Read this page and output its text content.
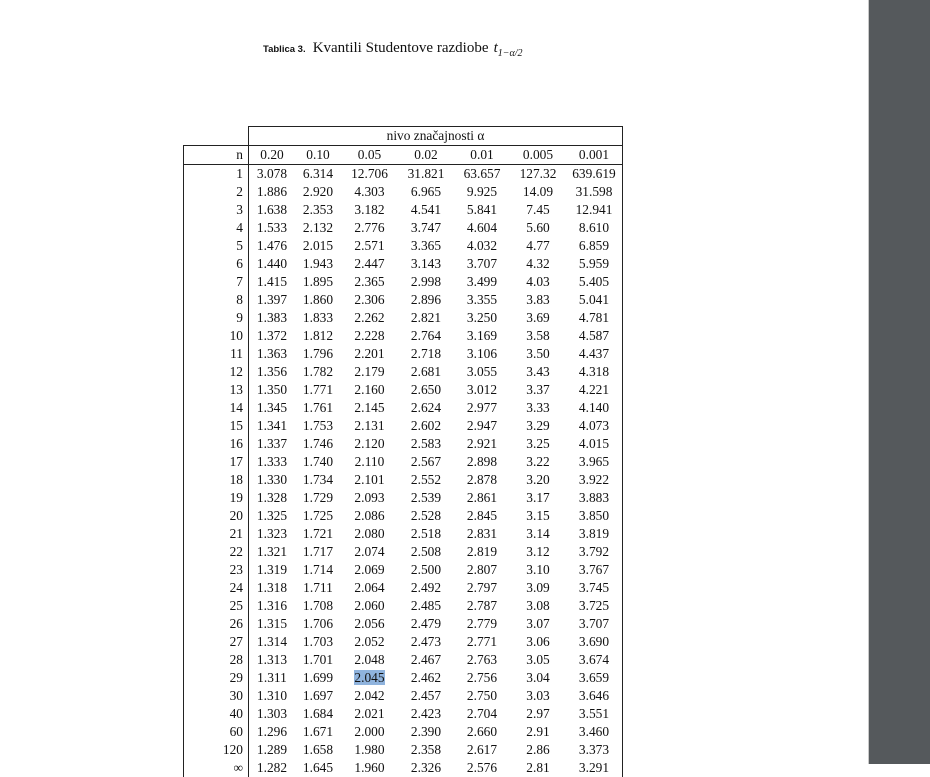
Tablica 3. Kvantili Studentove razdiobe $t_{1-\alpha/2}$
	nivo značajnosti α						
n	0.20	0.10	0.05	0.02	0.01	0.005	0.001
1	3.078	6.314	12.706	31.821	63.657	127.32	639.619
2	1.886	2.920	4.303	6.965	9.925	14.09	31.598
3	1.638	2.353	3.182	4.541	5.841	7.45	12.941
4	1.533	2.132	2.776	3.747	4.604	5.60	8.610
5	1.476	2.015	2.571	3.365	4.032	4.77	6.859
6	1.440	1.943	2.447	3.143	3.707	4.32	5.959
7	1.415	1.895	2.365	2.998	3.499	4.03	5.405
8	1.397	1.860	2.306	2.896	3.355	3.83	5.041
9	1.383	1.833	2.262	2.821	3.250	3.69	4.781
10	1.372	1.812	2.228	2.764	3.169	3.58	4.587
11	1.363	1.796	2.201	2.718	3.106	3.50	4.437
12	1.356	1.782	2.179	2.681	3.055	3.43	4.318
13	1.350	1.771	2.160	2.650	3.012	3.37	4.221
14	1.345	1.761	2.145	2.624	2.977	3.33	4.140
15	1.341	1.753	2.131	2.602	2.947	3.29	4.073
16	1.337	1.746	2.120	2.583	2.921	3.25	4.015
17	1.333	1.740	2.110	2.567	2.898	3.22	3.965
18	1.330	1.734	2.101	2.552	2.878	3.20	3.922
19	1.328	1.729	2.093	2.539	2.861	3.17	3.883
20	1.325	1.725	2.086	2.528	2.845	3.15	3.850
21	1.323	1.721	2.080	2.518	2.831	3.14	3.819
22	1.321	1.717	2.074	2.508	2.819	3.12	3.792
23	1.319	1.714	2.069	2.500	2.807	3.10	3.767
24	1.318	1.711	2.064	2.492	2.797	3.09	3.745
25	1.316	1.708	2.060	2.485	2.787	3.08	3.725
26	1.315	1.706	2.056	2.479	2.779	3.07	3.707
27	1.314	1.703	2.052	2.473	2.771	3.06	3.690
28	1.313	1.701	2.048	2.467	2.763	3.05	3.674
29	1.311	1.699	2.045	2.462	2.756	3.04	3.659
30	1.310	1.697	2.042	2.457	2.750	3.03	3.646
40	1.303	1.684	2.021	2.423	2.704	2.97	3.551
60	1.296	1.671	2.000	2.390	2.660	2.91	3.460
120	1.289	1.658	1.980	2.358	2.617	2.86	3.373
∞	1.282	1.645	1.960	2.326	2.576	2.81	3.291
